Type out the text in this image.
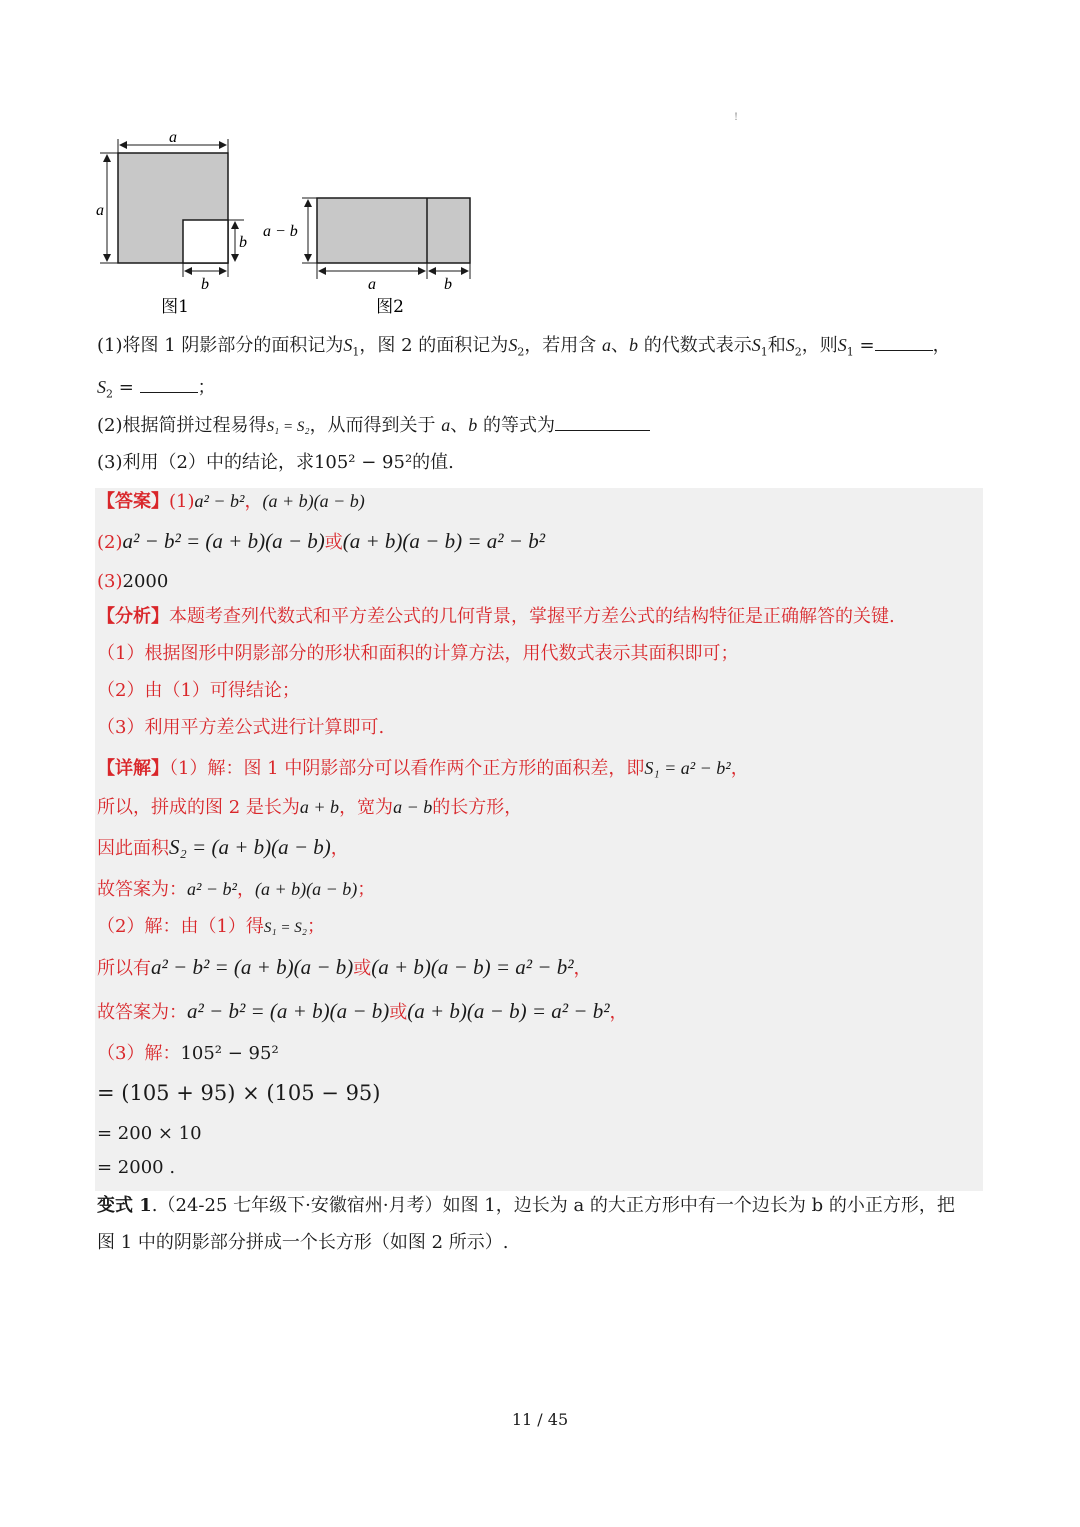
!
a
a
b
b
图1
a − b
a	b
图2
(1)将图 1 阴影部分的面积记为$S_1$，图 2 的面积记为$S_2$，若用含 a、b 的代数式表示$S_1$和$S_2$，则$S_1$ =	，
$S_2$ =	；
(2)根据简拼过程易得S₁ = S₂，从而得到关于 a、b 的等式为
(3)利用（2）中的结论，求105² − 95²的值.
【答案】(1)a² − b²，(a + b)(a − b)
(2)a² − b² = (a + b)(a − b)或(a + b)(a − b) = a² − b²
(3)2000
【分析】本题考查列代数式和平方差公式的几何背景，掌握平方差公式的结构特征是正确解答的关键.
（1）根据图形中阴影部分的形状和面积的计算方法，用代数式表示其面积即可；
（2）由（1）可得结论；
（3）利用平方差公式进行计算即可.
【详解】（1）解：图 1 中阴影部分可以看作两个正方形的面积差，即S₁ = a² − b²，
所以，拼成的图 2 是长为a + b，宽为a − b的长方形，
因此面积S₂ = (a + b)(a − b)，
故答案为：a² − b²，(a + b)(a − b)；
（2）解：由（1）得S₁ = S₂；
所以有a² − b² = (a + b)(a − b)或(a + b)(a − b) = a² − b²，
故答案为：a² − b² = (a + b)(a − b)或(a + b)(a − b) = a² − b²，
（3）解：105² − 95²
= (105 + 95) × (105 − 95)
= 200 × 10
= 2000 .
变式 1.（24-25 七年级下·安徽宿州·月考）如图 1，边长为 a 的大正方形中有一个边长为 b 的小正方形，把
图 1 中的阴影部分拼成一个长方形（如图 2 所示）.
11 / 45
